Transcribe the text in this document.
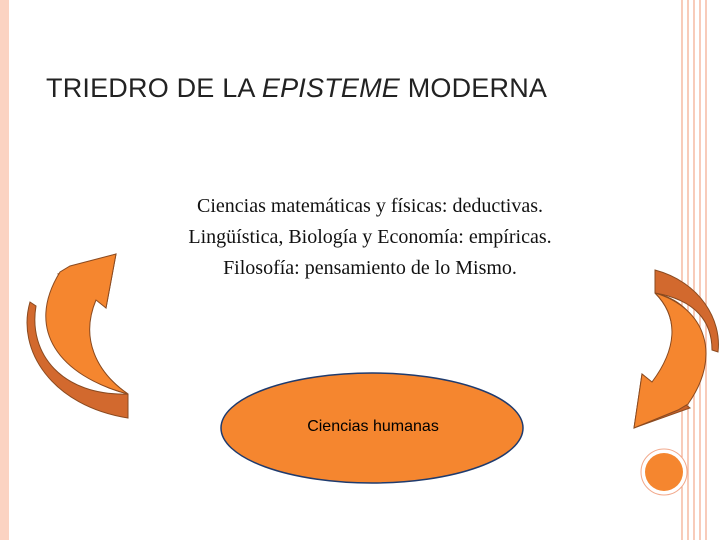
TRIEDRO DE LA EPISTEME MODERNA
Ciencias matemáticas y físicas: deductivas.
Lingüística, Biología y Economía: empíricas.
Filosofía: pensamiento de lo Mismo.
Ciencias humanas
